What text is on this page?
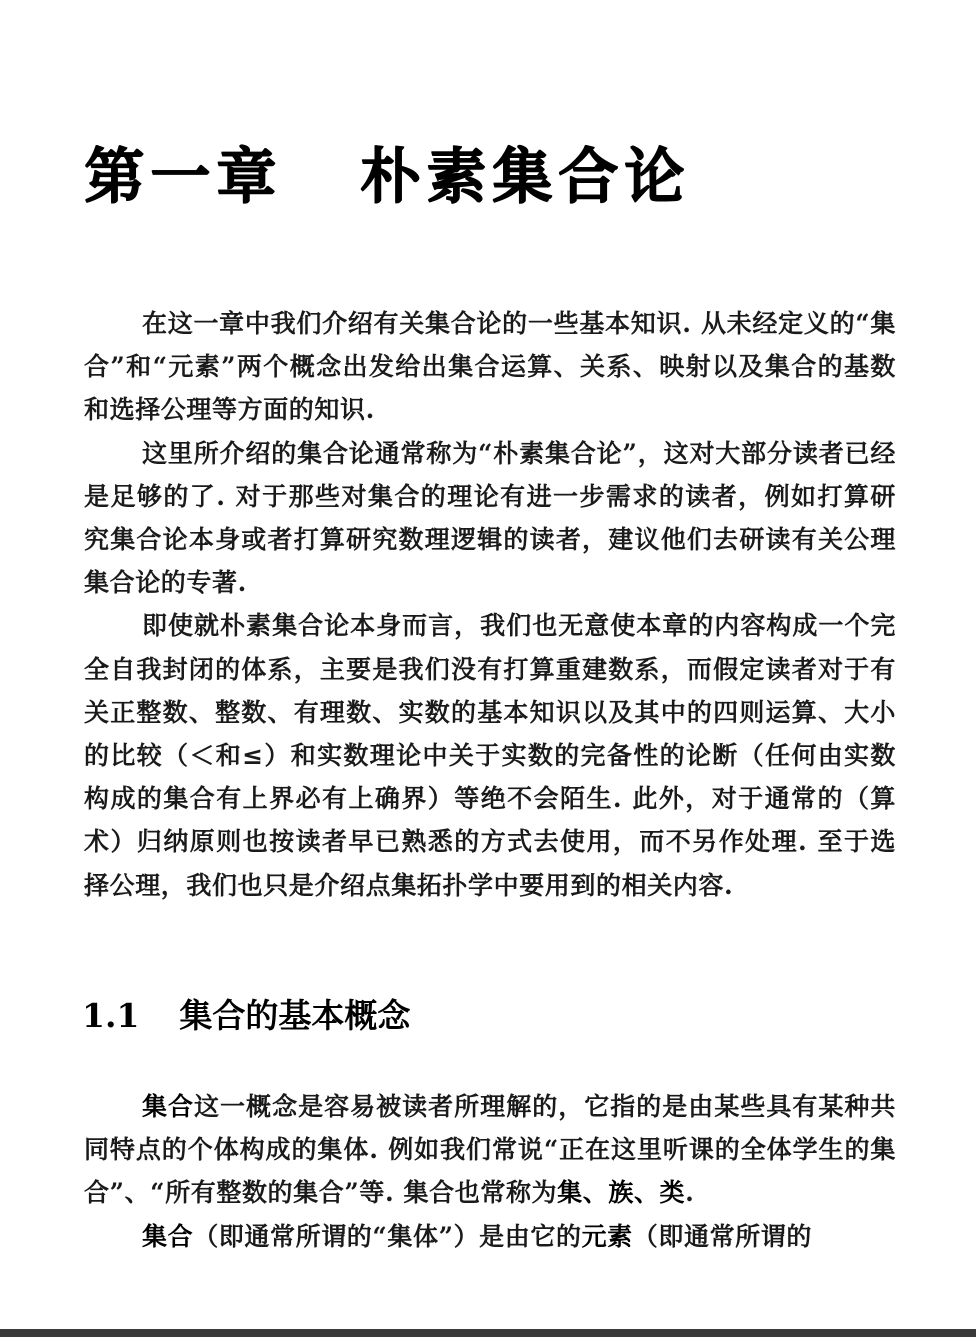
第一章 朴素集合论

在这一章中我们介绍有关集合论的一些基本知识. 从未经定义的“集合”和“元素”两个概念出发给出集合运算、关系、映射以及集合的基数和选择公理等方面的知识.

这里所介绍的集合论通常称为“朴素集合论”，这对大部分读者已经是足够的了. 对于那些对集合的理论有进一步需求的读者，例如打算研究集合论本身或者打算研究数理逻辑的读者，建议他们去研读有关公理集合论的专著.

即使就朴素集合论本身而言，我们也无意使本章的内容构成一个完全自我封闭的体系，主要是我们没有打算重建数系，而假定读者对于有关正整数、整数、有理数、实数的基本知识以及其中的四则运算、大小的比较（＜和≤）和实数理论中关于实数的完备性的论断（任何由实数构成的集合有上界必有上确界）等绝不会陌生. 此外，对于通常的（算术）归纳原则也按读者早已熟悉的方式去使用，而不另作处理. 至于选择公理，我们也只是介绍点集拓扑学中要用到的相关内容.

1.1 集合的基本概念

集合这一概念是容易被读者所理解的，它指的是由某些具有某种共同特点的个体构成的集体. 例如我们常说“正在这里听课的全体学生的集合”、“所有整数的集合”等. 集合也常称为集、族、类.

集合（即通常所谓的“集体”）是由它的元素（即通常所谓的
